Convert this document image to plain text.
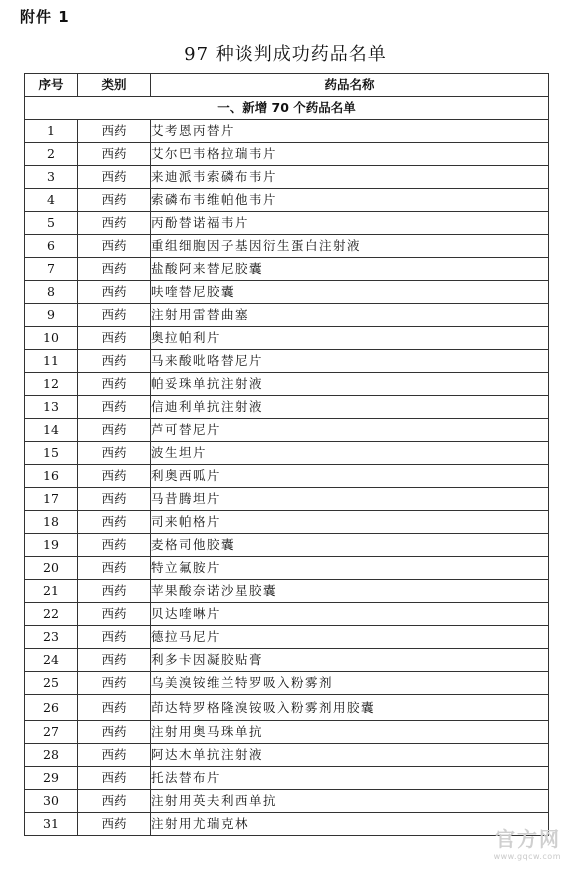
附件 1
97 种谈判成功药品名单
序号	类别	药品名称
一、新增 70 个药品名单		
1	西药	艾考恩丙替片
2	西药	艾尔巴韦格拉瑞韦片
3	西药	来迪派韦索磷布韦片
4	西药	索磷布韦维帕他韦片
5	西药	丙酚替诺福韦片
6	西药	重组细胞因子基因衍生蛋白注射液
7	西药	盐酸阿来替尼胶囊
8	西药	呋喹替尼胶囊
9	西药	注射用雷替曲塞
10	西药	奥拉帕利片
11	西药	马来酸吡咯替尼片
12	西药	帕妥珠单抗注射液
13	西药	信迪利单抗注射液
14	西药	芦可替尼片
15	西药	波生坦片
16	西药	利奥西呱片
17	西药	马昔腾坦片
18	西药	司来帕格片
19	西药	麦格司他胶囊
20	西药	特立氟胺片
21	西药	苹果酸奈诺沙星胶囊
22	西药	贝达喹啉片
23	西药	德拉马尼片
24	西药	利多卡因凝胶贴膏
25	西药	乌美溴铵维兰特罗吸入粉雾剂
26	西药	茚达特罗格隆溴铵吸入粉雾剂用胶囊
27	西药	注射用奥马珠单抗
28	西药	阿达木单抗注射液
29	西药	托法替布片
30	西药	注射用英夫利西单抗
31	西药	注射用尤瑞克林
官方网
www.gqcw.com
